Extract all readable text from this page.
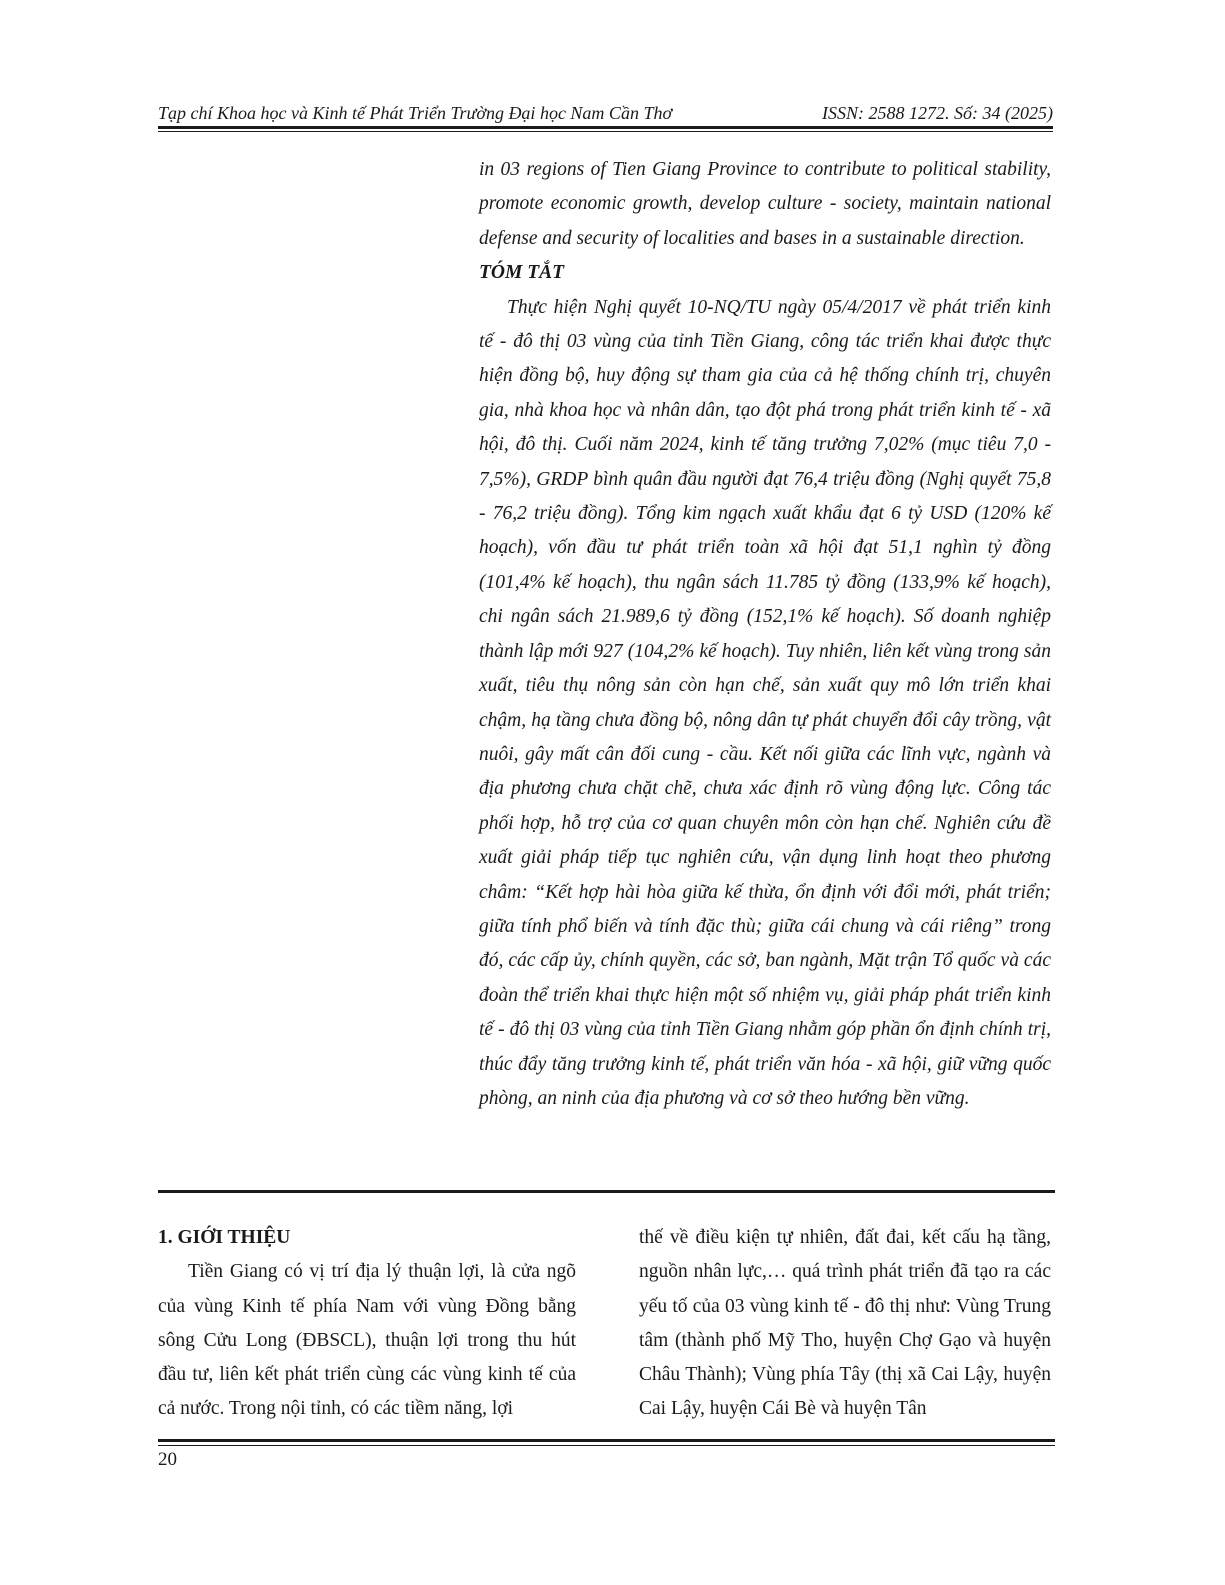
Tạp chí Khoa học và Kinh tế Phát Triển Trường Đại học Nam Cần Thơ	ISSN: 2588 1272. Số: 34 (2025)

in 03 regions of Tien Giang Province to contribute to political stability, promote economic growth, develop culture - society, maintain national defense and security of localities and bases in a sustainable direction.

TÓM TẮT

Thực hiện Nghị quyết 10-NQ/TU ngày 05/4/2017 về phát triển kinh tế - đô thị 03 vùng của tỉnh Tiền Giang, công tác triển khai được thực hiện đồng bộ, huy động sự tham gia của cả hệ thống chính trị, chuyên gia, nhà khoa học và nhân dân, tạo đột phá trong phát triển kinh tế - xã hội, đô thị. Cuối năm 2024, kinh tế tăng trưởng 7,02% (mục tiêu 7,0 - 7,5%), GRDP bình quân đầu người đạt 76,4 triệu đồng (Nghị quyết 75,8 - 76,2 triệu đồng). Tổng kim ngạch xuất khẩu đạt 6 tỷ USD (120% kế hoạch), vốn đầu tư phát triển toàn xã hội đạt 51,1 nghìn tỷ đồng (101,4% kế hoạch), thu ngân sách 11.785 tỷ đồng (133,9% kế hoạch), chi ngân sách 21.989,6 tỷ đồng (152,1% kế hoạch). Số doanh nghiệp thành lập mới 927 (104,2% kế hoạch). Tuy nhiên, liên kết vùng trong sản xuất, tiêu thụ nông sản còn hạn chế, sản xuất quy mô lớn triển khai chậm, hạ tầng chưa đồng bộ, nông dân tự phát chuyển đổi cây trồng, vật nuôi, gây mất cân đối cung - cầu. Kết nối giữa các lĩnh vực, ngành và địa phương chưa chặt chẽ, chưa xác định rõ vùng động lực. Công tác phối hợp, hỗ trợ của cơ quan chuyên môn còn hạn chế. Nghiên cứu đề xuất giải pháp tiếp tục nghiên cứu, vận dụng linh hoạt theo phương châm: “Kết hợp hài hòa giữa kế thừa, ổn định với đổi mới, phát triển; giữa tính phổ biến và tính đặc thù; giữa cái chung và cái riêng” trong đó, các cấp ủy, chính quyền, các sở, ban ngành, Mặt trận Tổ quốc và các đoàn thể triển khai thực hiện một số nhiệm vụ, giải pháp phát triển kinh tế - đô thị 03 vùng của tỉnh Tiền Giang nhằm góp phần ổn định chính trị, thúc đẩy tăng trưởng kinh tế, phát triển văn hóa - xã hội, giữ vững quốc phòng, an ninh của địa phương và cơ sở theo hướng bền vững.

1. GIỚI THIỆU

Tiền Giang có vị trí địa lý thuận lợi, là cửa ngõ của vùng Kinh tế phía Nam với vùng Đồng bằng sông Cửu Long (ĐBSCL), thuận lợi trong thu hút đầu tư, liên kết phát triển cùng các vùng kinh tế của cả nước. Trong nội tỉnh, có các tiềm năng, lợi

thế về điều kiện tự nhiên, đất đai, kết cấu hạ tầng, nguồn nhân lực,… quá trình phát triển đã tạo ra các yếu tố của 03 vùng kinh tế - đô thị như: Vùng Trung tâm (thành phố Mỹ Tho, huyện Chợ Gạo và huyện Châu Thành); Vùng phía Tây (thị xã Cai Lậy, huyện Cai Lậy, huyện Cái Bè và huyện Tân

20
